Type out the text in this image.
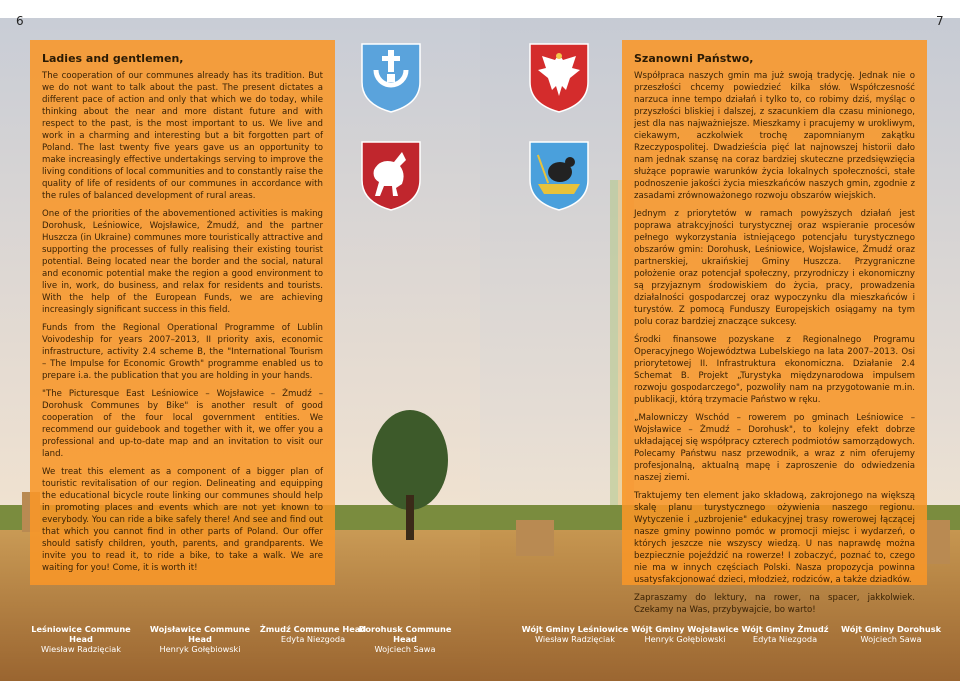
6
Ladies and gentlemen,

The cooperation of our communes already has its tradition. But we do not want to talk about the past. The present dictates a different pace of action and only that which we do today, while thinking about the near and more distant future and with respect to the past, is the most important to us. We live and work in a charming and interesting but a bit forgotten part of Poland. The last twenty five years gave us an opportunity to make increasingly effective undertakings serving to improve the living conditions of local communities and to constantly raise the quality of life of residents of our communes in accordance with the rules of balanced development of rural areas.

One of the priorities of the abovementioned activities is making Dorohusk, Leśniowice, Wojsławice, Żmudź, and the partner Huszcza (in Ukraine) communes more touristically attractive and supporting the processes of fully realising their existing tourist potential. Being located near the border and the social, natural and economic potential make the region a good environment to live in, work, do business, and relax for residents and tourists. With the help of the European Funds, we are achieving increasingly significant success in this field.

Funds from the Regional Operational Programme of Lublin Voivodeship for years 2007–2013, II priority axis, economic infrastructure, activity 2.4 scheme B, the "International Tourism – The Impulse for Economic Growth" programme enabled us to prepare i.a. the publication that you are holding in your hands.

"The Picturesque East Leśniowice – Wojsławice – Żmudź – Dorohusk Communes by Bike" is another result of good cooperation of the four local government entities. We recommend our guidebook and together with it, we offer you a professional and up-to-date map and an invitation to visit our land.

We treat this element as a component of a bigger plan of touristic revitalisation of our region. Delineating and equipping the educational bicycle route linking our communes should help in promoting places and events which are not yet known to everybody. You can ride a bike safely there! And see and find out that which you cannot find in other parts of Poland. Our offer should satisfy children, youth, parents, and grandparents. We invite you to read it, to ride a bike, to take a walk. We are waiting for you! Come, it is worth it!

Leśniowice Commune Head
Wiesław Radzięciak
Wojsławice Commune Head
Henryk Gołębiowski
Żmudź Commune Head
Edyta Niezgoda
Dorohusk Commune Head
Wojciech Sawa
7
Szanowni Państwo,

Współpraca naszych gmin ma już swoją tradycję. Jednak nie o przeszłości chcemy powiedzieć kilka słów. Współczesność narzuca inne tempo działań i tylko to, co robimy dziś, myśląc o przyszłości bliskiej i dalszej, z szacunkiem dla czasu minionego, jest dla nas najważniejsze. Mieszkamy i pracujemy w urokliwym, ciekawym, aczkolwiek trochę zapomnianym zakątku Rzeczypospolitej. Dwadzieścia pięć lat najnowszej historii dało nam jednak szansę na coraz bardziej skuteczne przedsięwzięcia służące poprawie warunków życia lokalnych społeczności, stałe podnoszenie jakości życia mieszkańców naszych gmin, zgodnie z zasadami zrównoważonego rozwoju obszarów wiejskich.

Jednym z priorytetów w ramach powyższych działań jest poprawa atrakcyjności turystycznej oraz wspieranie procesów pełnego wykorzystania istniejącego potencjału turystycznego obszarów gmin: Dorohusk, Leśniowice, Wojsławice, Żmudź oraz partnerskiej, ukraińskiej Gminy Huszcza. Przygraniczne położenie oraz potencjał społeczny, przyrodniczy i ekonomiczny są przyjaznym środowiskiem do życia, pracy, prowadzenia działalności gospodarczej oraz wypoczynku dla mieszkańców i turystów. Z pomocą Funduszy Europejskich osiągamy na tym polu coraz bardziej znaczące sukcesy.

Środki finansowe pozyskane z Regionalnego Programu Operacyjnego Województwa Lubelskiego na lata 2007–2013. Osi priorytetowej II. Infrastruktura ekonomiczna. Działanie 2.4 Schemat B. Projekt „Turystyka międzynarodowa impulsem rozwoju gospodarczego", pozwoliły nam na przygotowanie m.in. publikacji, którą trzymacie Państwo w ręku.

„Malowniczy Wschód – rowerem po gminach Leśniowice – Wojsławice – Żmudź – Dorohusk", to kolejny efekt dobrze układającej się współpracy czterech podmiotów samorządowych. Polecamy Państwu nasz przewodnik, a wraz z nim oferujemy profesjonalną, aktualną mapę i zaproszenie do odwiedzenia naszej ziemi.

Traktujemy ten element jako składową, zakrojonego na większą skalę planu turystycznego ożywienia naszego regionu. Wytyczenie i „uzbrojenie" edukacyjnej trasy rowerowej łączącej nasze gminy powinno pomóc w promocji miejsc i wydarzeń, o których jeszcze nie wszyscy wiedzą. U nas naprawdę można bezpiecznie pojeździć na rowerze! I zobaczyć, poznać to, czego nie ma w innych częściach Polski. Nasza propozycja powinna usatysfakcjonować dzieci, młodzież, rodziców, a także dziadków.

Zapraszamy do lektury, na rower, na spacer, jakkolwiek. Czekamy na Was, przybywajcie, bo warto!

Wójt Gminy Leśniowice
Wiesław Radzięciak
Wójt Gminy Wojsławice
Henryk Gołębiowski
Wójt Gminy Żmudź
Edyta Niezgoda
Wójt Gminy Dorohusk
Wojciech Sawa
